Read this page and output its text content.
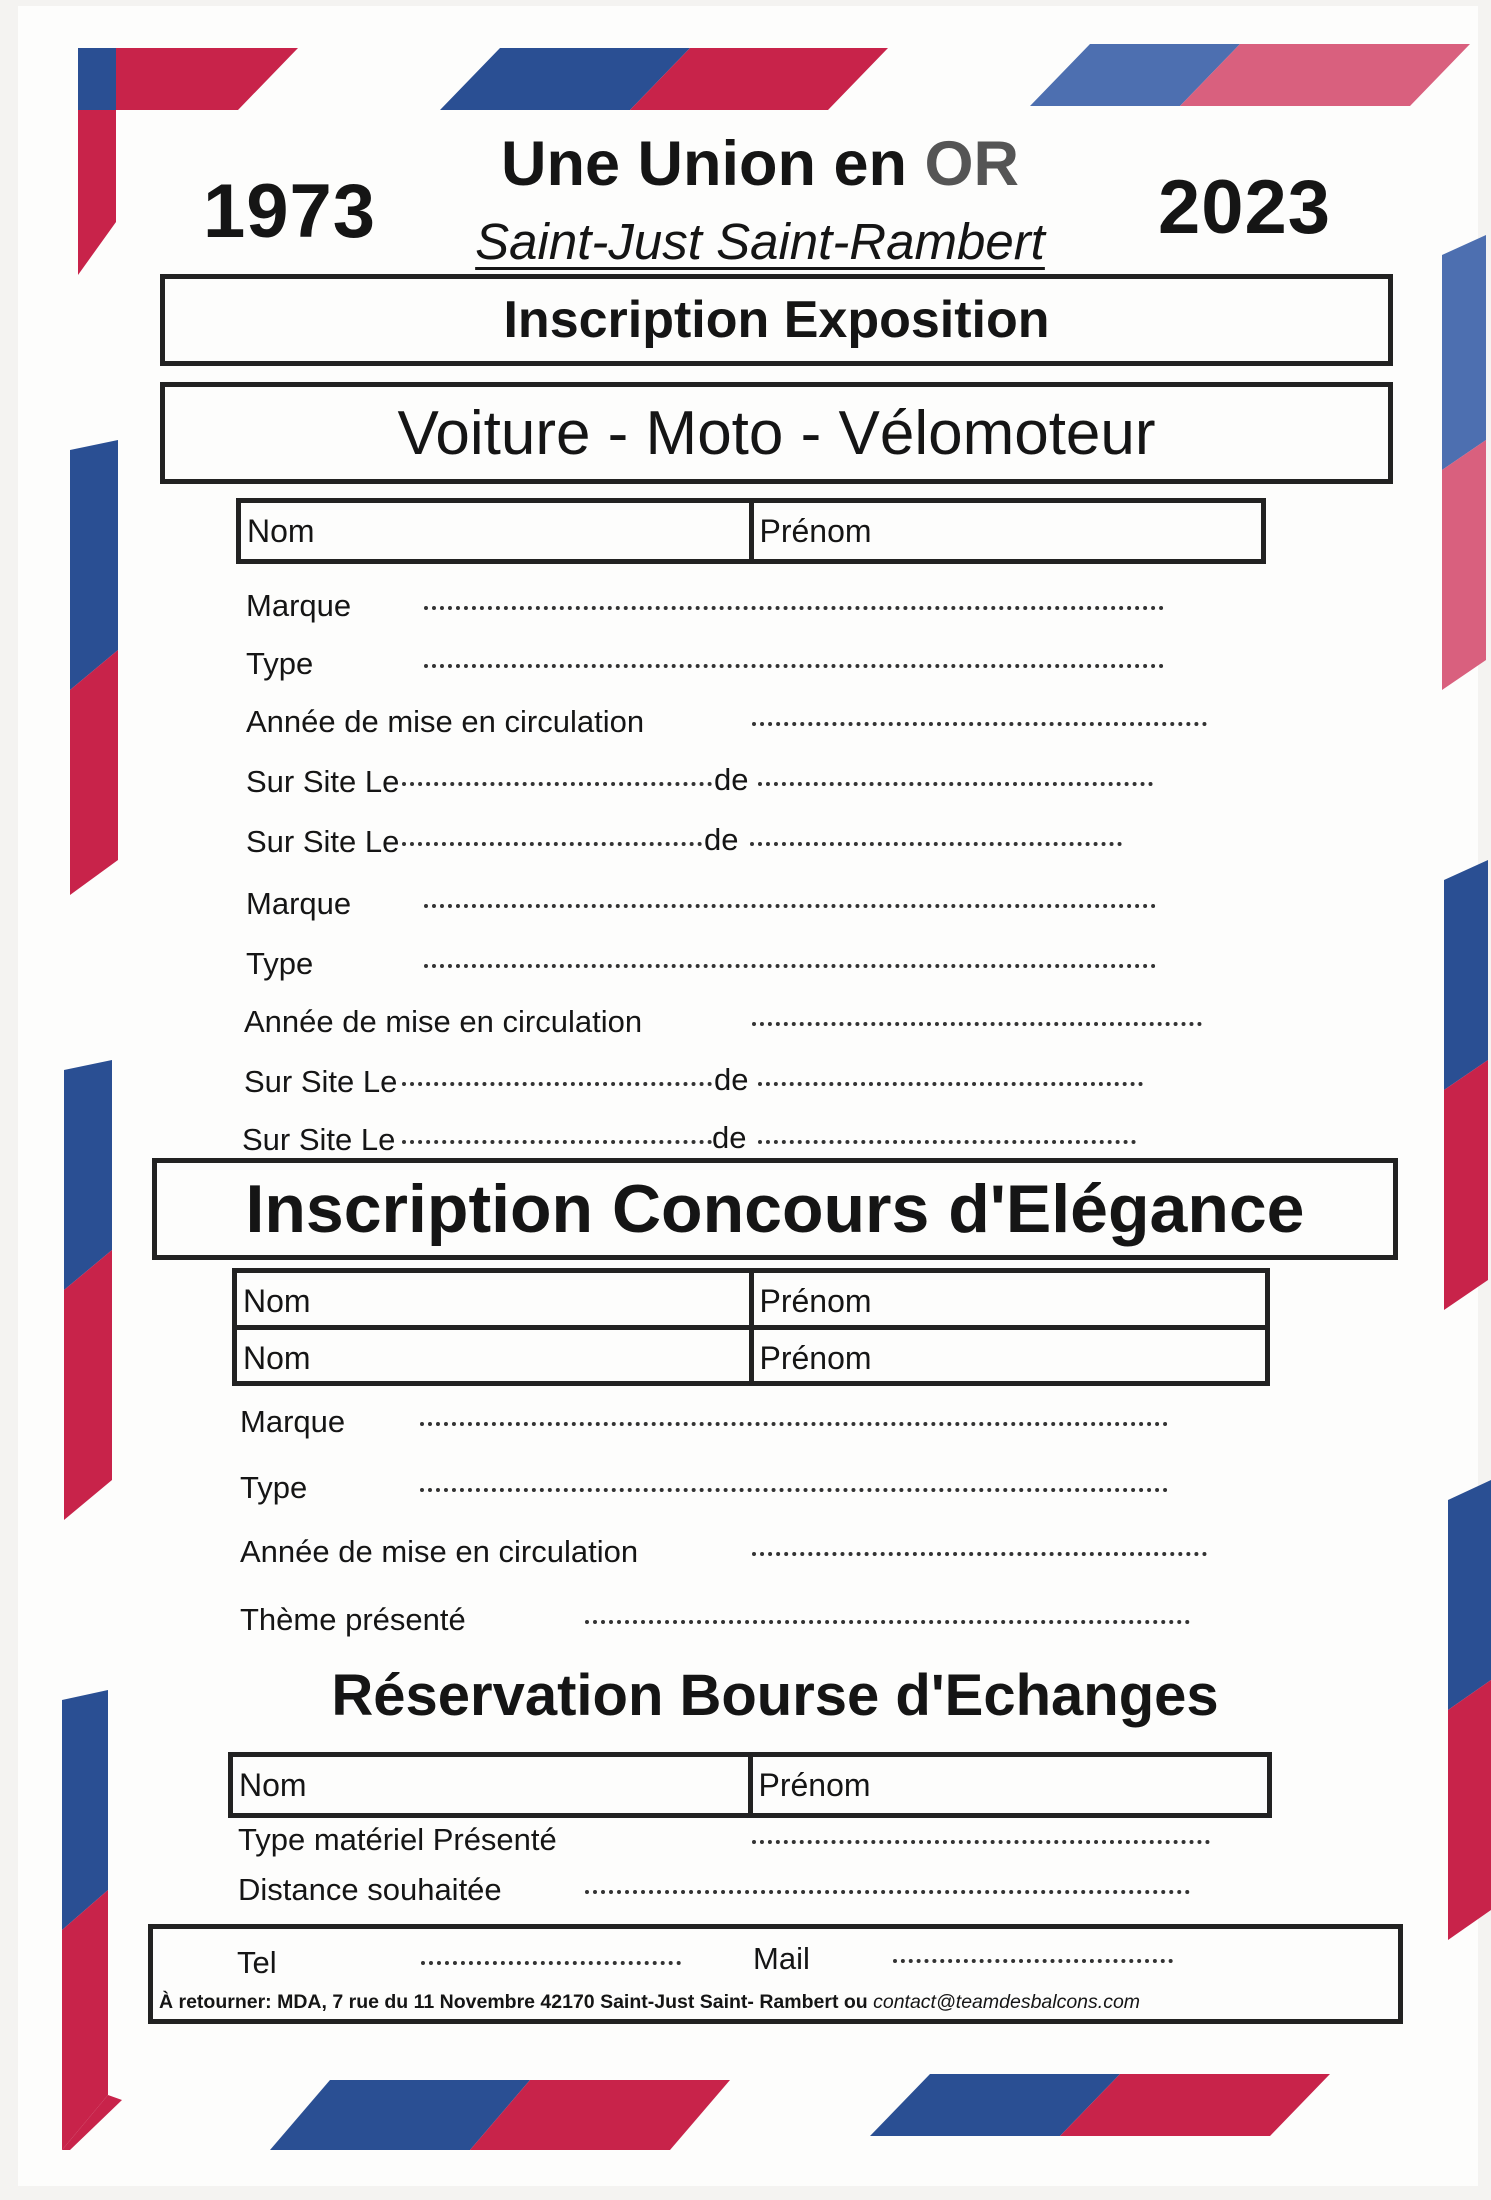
1973	2023
Une Union en OR
Saint-Just Saint-Rambert
Inscription Exposition
Voiture - Moto - Vélomoteur
Nom	Prénom
Marque
Type
Année de mise en circulation
Sur Site Le	de
Sur Site Le	de
Marque
Type
Année de mise en circulation
Sur Site Le	de
Sur Site Le	de
Inscription Concours d'Elégance
Nom	Prénom
Nom	Prénom
Marque
Type
Année de mise en circulation
Thème présenté
Réservation Bourse d'Echanges
Nom	Prénom
Type matériel Présenté
Distance souhaitée
Tel	Mail
À retourner: MDA, 7 rue du 11 Novembre 42170 Saint-Just Saint- Rambert ou contact@teamdesbalcons.com
